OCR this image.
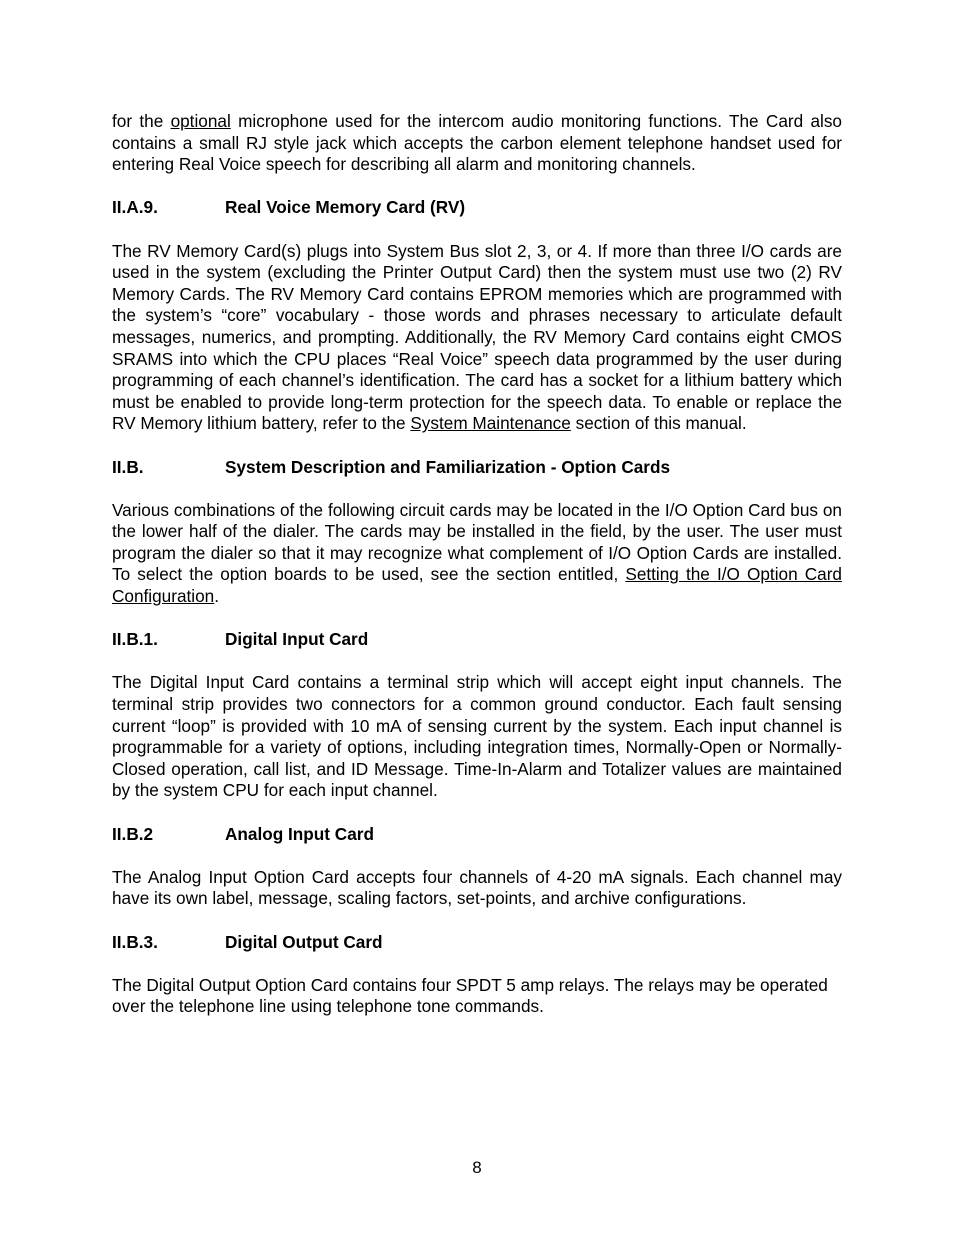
for the optional microphone used for the intercom audio monitoring functions. The Card also contains a small RJ style jack which accepts the carbon element telephone handset used for entering Real Voice speech for describing all alarm and monitoring channels.

II.A.9.	Real Voice Memory Card (RV)

The RV Memory Card(s) plugs into System Bus slot 2, 3, or 4. If more than three I/O cards are used in the system (excluding the Printer Output Card) then the system must use two (2) RV Memory Cards. The RV Memory Card contains EPROM memories which are programmed with the system’s “core” vocabulary - those words and phrases necessary to articulate default messages, numerics, and prompting. Additionally, the RV Memory Card contains eight CMOS SRAMS into which the CPU places “Real Voice” speech data programmed by the user during programming of each channel’s identification. The card has a socket for a lithium battery which must be enabled to provide long-term protection for the speech data. To enable or replace the RV Memory lithium battery, refer to the System Maintenance section of this manual.

II.B.	System Description and Familiarization - Option Cards

Various combinations of the following circuit cards may be located in the I/O Option Card bus on the lower half of the dialer. The cards may be installed in the field, by the user. The user must program the dialer so that it may recognize what complement of I/O Option Cards are installed. To select the option boards to be used, see the section entitled, Setting the I/O Option Card Configuration.

II.B.1.	Digital Input Card

The Digital Input Card contains a terminal strip which will accept eight input channels. The terminal strip provides two connectors for a common ground conductor. Each fault sensing current “loop” is provided with 10 mA of sensing current by the system. Each input channel is programmable for a variety of options, including integration times, Normally-Open or Normally-Closed operation, call list, and ID Message. Time-In-Alarm and Totalizer values are maintained by the system CPU for each input channel.

II.B.2	Analog Input Card

The Analog Input Option Card accepts four channels of 4-20 mA signals. Each channel may have its own label, message, scaling factors, set-points, and archive configurations.

II.B.3.	Digital Output Card

The Digital Output Option Card contains four SPDT 5 amp relays. The relays may be operated over the telephone line using telephone tone commands.

8
